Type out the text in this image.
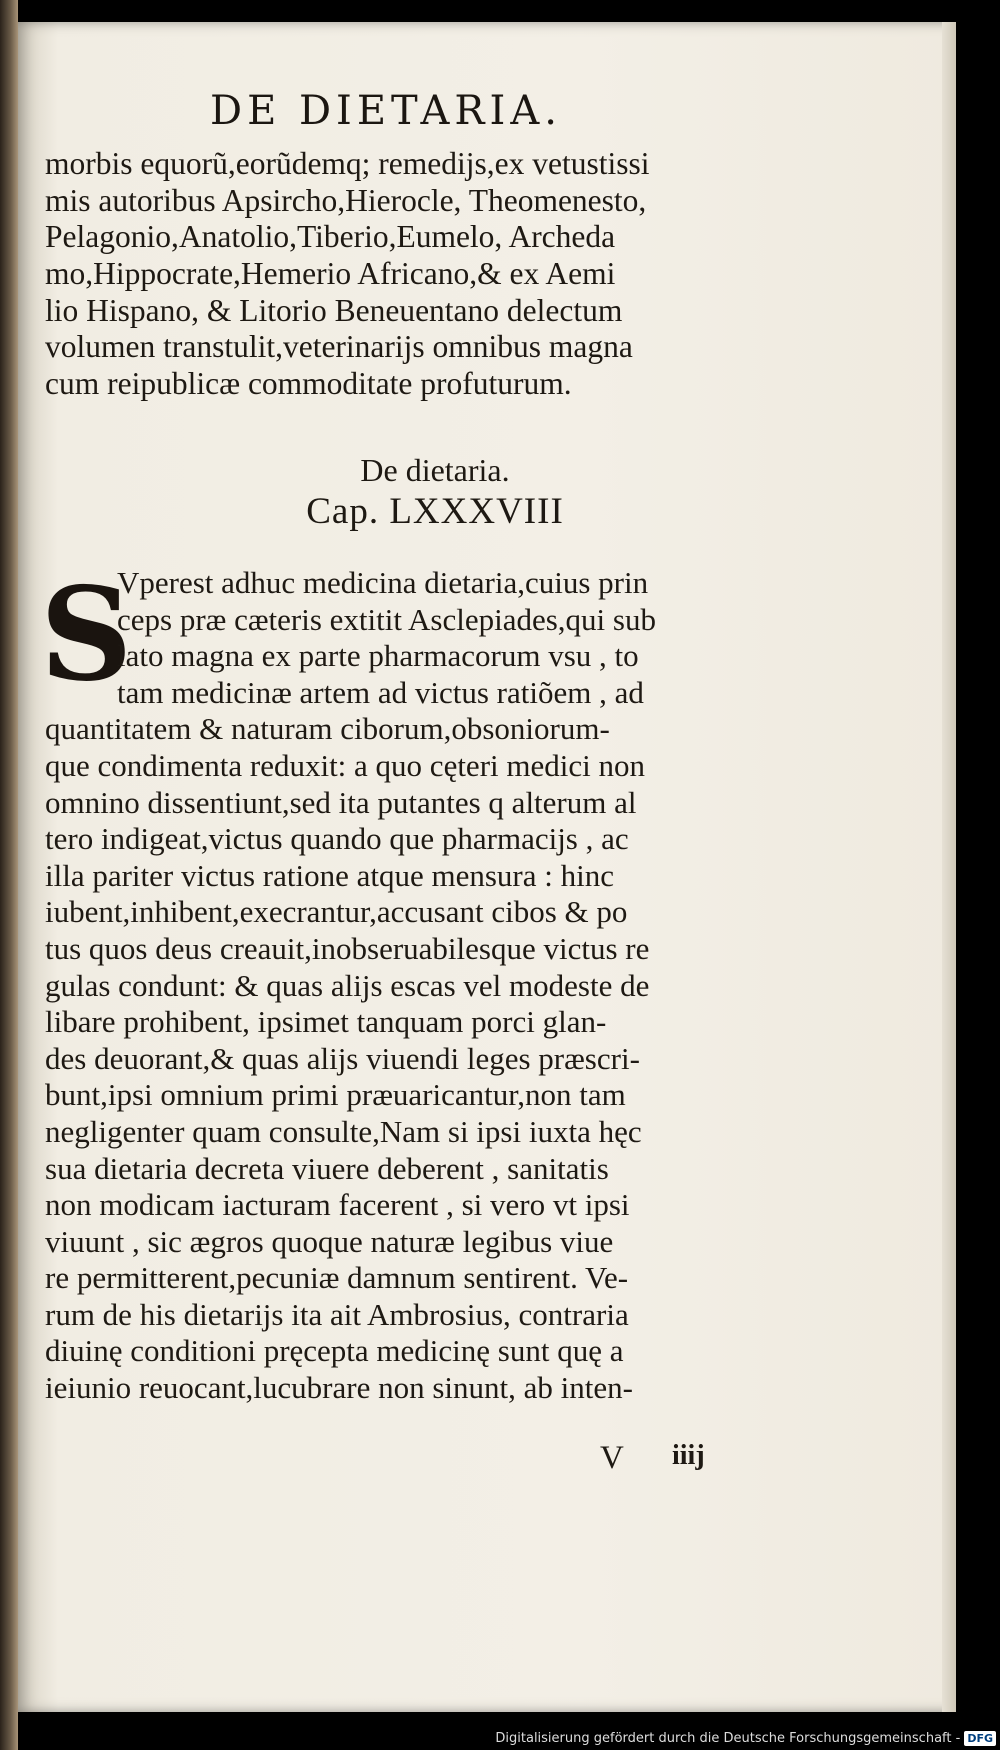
DE DIETARIA.
morbis equorũ,eorũdemq; remedijs,ex vetustissi
mis autoribus Apsircho,Hierocle, Theomenesto,
Pelagonio,Anatolio,Tiberio,Eumelo, Archeda
mo,Hippocrate,Hemerio Africano,& ex Aemi
lio Hispano, & Litorio Beneuentano delectum
volumen transtulit,veterinarijs omnibus magna
cum reipublicæ commoditate profuturum.
De dietaria.
Cap. LXXXVIII
S
Vperest adhuc medicina dietaria,cuius prin
ceps præ cæteris extitit Asclepiades,qui sub
lato magna ex parte pharmacorum vsu , to
tam medicinæ artem ad victus ratiõem , ad
quantitatem & naturam ciborum,obsoniorum-
que condimenta reduxit: a quo cęteri medici non
omnino dissentiunt,sed ita putantes q alterum al
tero indigeat,victus quando que pharmacijs , ac
illa pariter victus ratione atque mensura : hinc
iubent,inhibent,execrantur,accusant cibos & po
tus quos deus creauit,inobseruabilesque victus re
gulas condunt: & quas alijs escas vel modeste de
libare prohibent, ipsimet tanquam porci glan-
des deuorant,& quas alijs viuendi leges præscri-
bunt,ipsi omnium primi præuaricantur,non tam
negligenter quam consulte,Nam si ipsi iuxta hęc
sua dietaria decreta viuere deberent , sanitatis
non modicam iacturam facerent , si vero vt ipsi
viuunt , sic ægros quoque naturæ legibus viue
re permitterent,pecuniæ damnum sentirent. Ve-
rum de his dietarijs ita ait Ambrosius, contraria
diuinę conditioni pręcepta medicinę sunt quę a
ieiunio reuocant,lucubrare non sinunt, ab inten-
V iiij
Digitalisierung gefördert durch die Deutsche Forschungsgemeinschaft - DFG
